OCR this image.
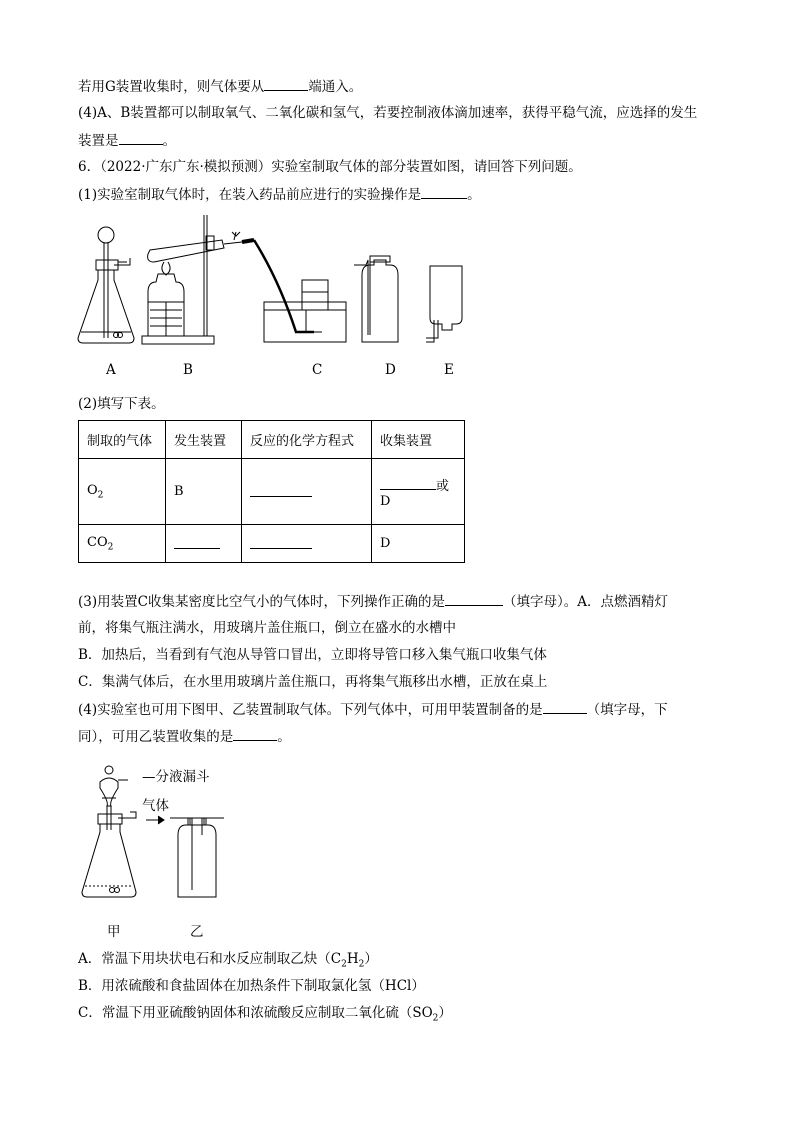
若用G装置收集时，则气体要从	端通入。
(4)A、B装置都可以制取氧气、二氧化碳和氢气，若要控制液体滴加速率，获得平稳气流，应选择的发生
装置是	。
6．（2022·广东广东·模拟预测）实验室制取气体的部分装置如图，请回答下列问题。
(1)实验室制取气体时，在装入药品前应进行的实验操作是	。
A	B	C	D	E
(2)填写下表。
制取的气体	发生装置	反应的化学方程式	收集装置
$O_2$	B		或
D
$CO_2$			D
(3)用装置C收集某密度比空气小的气体时，下列操作正确的是	（填字母）。A．点燃酒精灯
前，将集气瓶注满水，用玻璃片盖住瓶口，倒立在盛水的水槽中
B．加热后，当看到有气泡从导管口冒出，立即将导管口移入集气瓶口收集气体
C．集满气体后，在水里用玻璃片盖住瓶口，再将集气瓶移出水槽，正放在桌上
(4)实验室也可用下图甲、乙装置制取气体。下列气体中，可用甲装置制备的是	（填字母，下
同），可用乙装置收集的是	。
—分液漏斗
气体
甲	乙
A．常温下用块状电石和水反应制取乙炔$(C_2H_2)$
B．用浓硫酸和食盐固体在加热条件下制取氯化氢（HCl）
C．常温下用亚硫酸钠固体和浓硫酸反应制取二氧化硫$(SO_2)$
